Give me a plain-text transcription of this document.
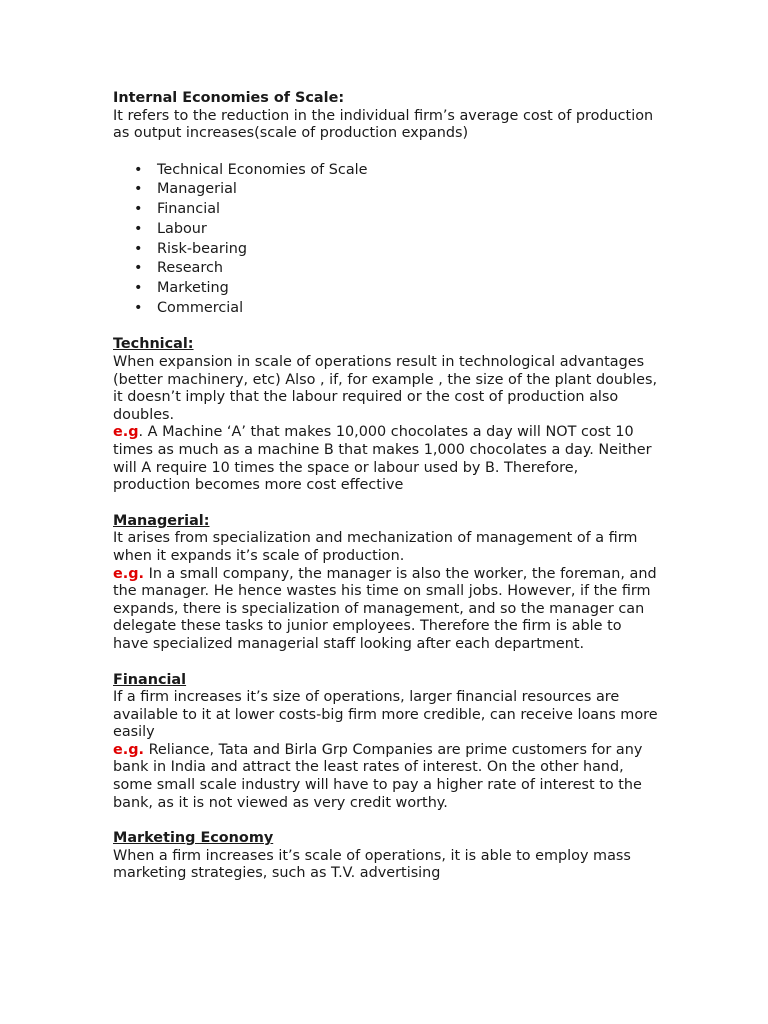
Internal Economies of Scale:

It refers to the reduction in the individual firm’s average cost of production as output increases(scale of production expands)

• Technical Economies of Scale
• Managerial
• Financial
• Labour
• Risk-bearing
• Research
• Marketing
• Commercial

Technical:

When expansion in scale of operations result in technological advantages (better machinery, etc) Also , if, for example , the size of the plant doubles, it doesn’t imply that the labour required or the cost of production also doubles.

e.g. A Machine ‘A’ that makes 10,000 chocolates a day will NOT cost 10 times as much as a machine B that makes 1,000 chocolates a day. Neither will A require 10 times the space or labour used by B. Therefore, production becomes more cost effective

Managerial:

It arises from specialization and mechanization of management of a firm when it expands it’s scale of production.

e.g. In a small company, the manager is also the worker, the foreman, and the manager. He hence wastes his time on small jobs. However, if the firm expands, there is specialization of management, and so the manager can delegate these tasks to junior employees. Therefore the firm is able to have specialized managerial staff looking after each department.

Financial

If a firm increases it’s size of operations, larger financial resources are available to it at lower costs-big firm more credible, can receive loans more easily

e.g. Reliance, Tata and Birla Grp Companies are prime customers for any bank in India and attract the least rates of interest. On the other hand, some small scale industry will have to pay a higher rate of interest to the bank, as it is not viewed as very credit worthy.

Marketing Economy

When a firm increases it’s scale of operations, it is able to employ mass marketing strategies, such as T.V. advertising
